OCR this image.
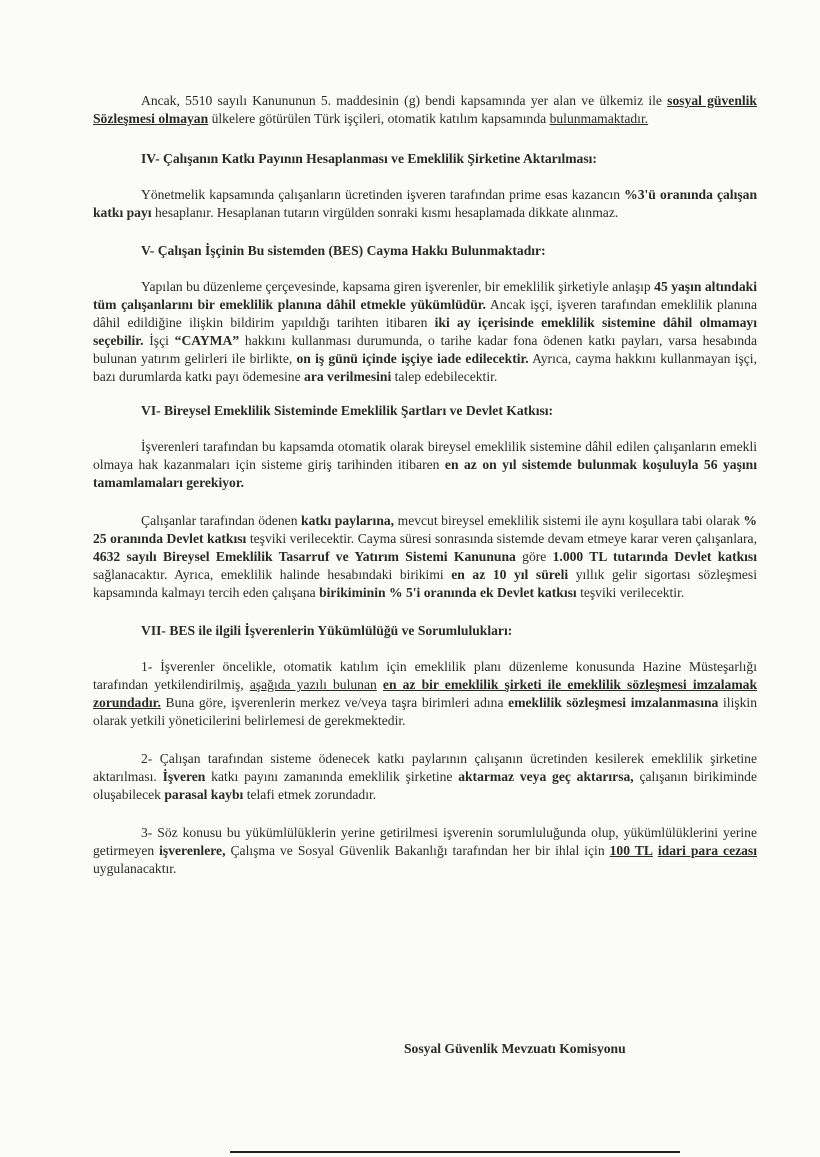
Ancak, 5510 sayılı Kanununun 5. maddesinin (g) bendi kapsamında yer alan ve ülkemiz ile sosyal güvenlik Sözleşmesi olmayan ülkelere götürülen Türk işçileri, otomatik katılım kapsamında bulunmamaktadır.

IV- Çalışanın Katkı Payının Hesaplanması ve Emeklilik Şirketine Aktarılması:

Yönetmelik kapsamında çalışanların ücretinden işveren tarafından prime esas kazancın %3'ü oranında çalışan katkı payı hesaplanır. Hesaplanan tutarın virgülden sonraki kısmı hesaplamada dikkate alınmaz.

V- Çalışan İşçinin Bu sistemden (BES) Cayma Hakkı Bulunmaktadır:

Yapılan bu düzenleme çerçevesinde, kapsama giren işverenler, bir emeklilik şirketiyle anlaşıp 45 yaşın altındaki tüm çalışanlarını bir emeklilik planına dâhil etmekle yükümlüdür. Ancak işçi, işveren tarafından emeklilik planına dâhil edildiğine ilişkin bildirim yapıldığı tarihten itibaren iki ay içerisinde emeklilik sistemine dâhil olmamayı seçebilir. İşçi “CAYMA” hakkını kullanması durumunda, o tarihe kadar fona ödenen katkı payları, varsa hesabında bulunan yatırım gelirleri ile birlikte, on iş günü içinde işçiye iade edilecektir. Ayrıca, cayma hakkını kullanmayan işçi, bazı durumlarda katkı payı ödemesine ara verilmesini talep edebilecektir.

VI- Bireysel Emeklilik Sisteminde Emeklilik Şartları ve Devlet Katkısı:

İşverenleri tarafından bu kapsamda otomatik olarak bireysel emeklilik sistemine dâhil edilen çalışanların emekli olmaya hak kazanmaları için sisteme giriş tarihinden itibaren en az on yıl sistemde bulunmak koşuluyla 56 yaşını tamamlamaları gerekiyor.

Çalışanlar tarafından ödenen katkı paylarına, mevcut bireysel emeklilik sistemi ile aynı koşullara tabi olarak % 25 oranında Devlet katkısı teşviki verilecektir. Cayma süresi sonrasında sistemde devam etmeye karar veren çalışanlara, 4632 sayılı Bireysel Emeklilik Tasarruf ve Yatırım Sistemi Kanununa göre 1.000 TL tutarında Devlet katkısı sağlanacaktır. Ayrıca, emeklilik halinde hesabındaki birikimi en az 10 yıl süreli yıllık gelir sigortası sözleşmesi kapsamında kalmayı tercih eden çalışana birikiminin % 5'i oranında ek Devlet katkısı teşviki verilecektir.

VII- BES ile ilgili İşverenlerin Yükümlülüğü ve Sorumlulukları:

1- İşverenler öncelikle, otomatik katılım için emeklilik planı düzenleme konusunda Hazine Müsteşarlığı tarafından yetkilendirilmiş, aşağıda yazılı bulunan en az bir emeklilik şirketi ile emeklilik sözleşmesi imzalamak zorundadır. Buna göre, işverenlerin merkez ve/veya taşra birimleri adına emeklilik sözleşmesi imzalanmasına ilişkin olarak yetkili yöneticilerini belirlemesi de gerekmektedir.

2- Çalışan tarafından sisteme ödenecek katkı paylarının çalışanın ücretinden kesilerek emeklilik şirketine aktarılması. İşveren katkı payını zamanında emeklilik şirketine aktarmaz veya geç aktarırsa, çalışanın birikiminde oluşabilecek parasal kaybı telafi etmek zorundadır.

3- Söz konusu bu yükümlülüklerin yerine getirilmesi işverenin sorumluluğunda olup, yükümlülüklerini yerine getirmeyen işverenlere, Çalışma ve Sosyal Güvenlik Bakanlığı tarafından her bir ihlal için 100 TL idari para cezası uygulanacaktır.

Sosyal Güvenlik Mevzuatı Komisyonu
